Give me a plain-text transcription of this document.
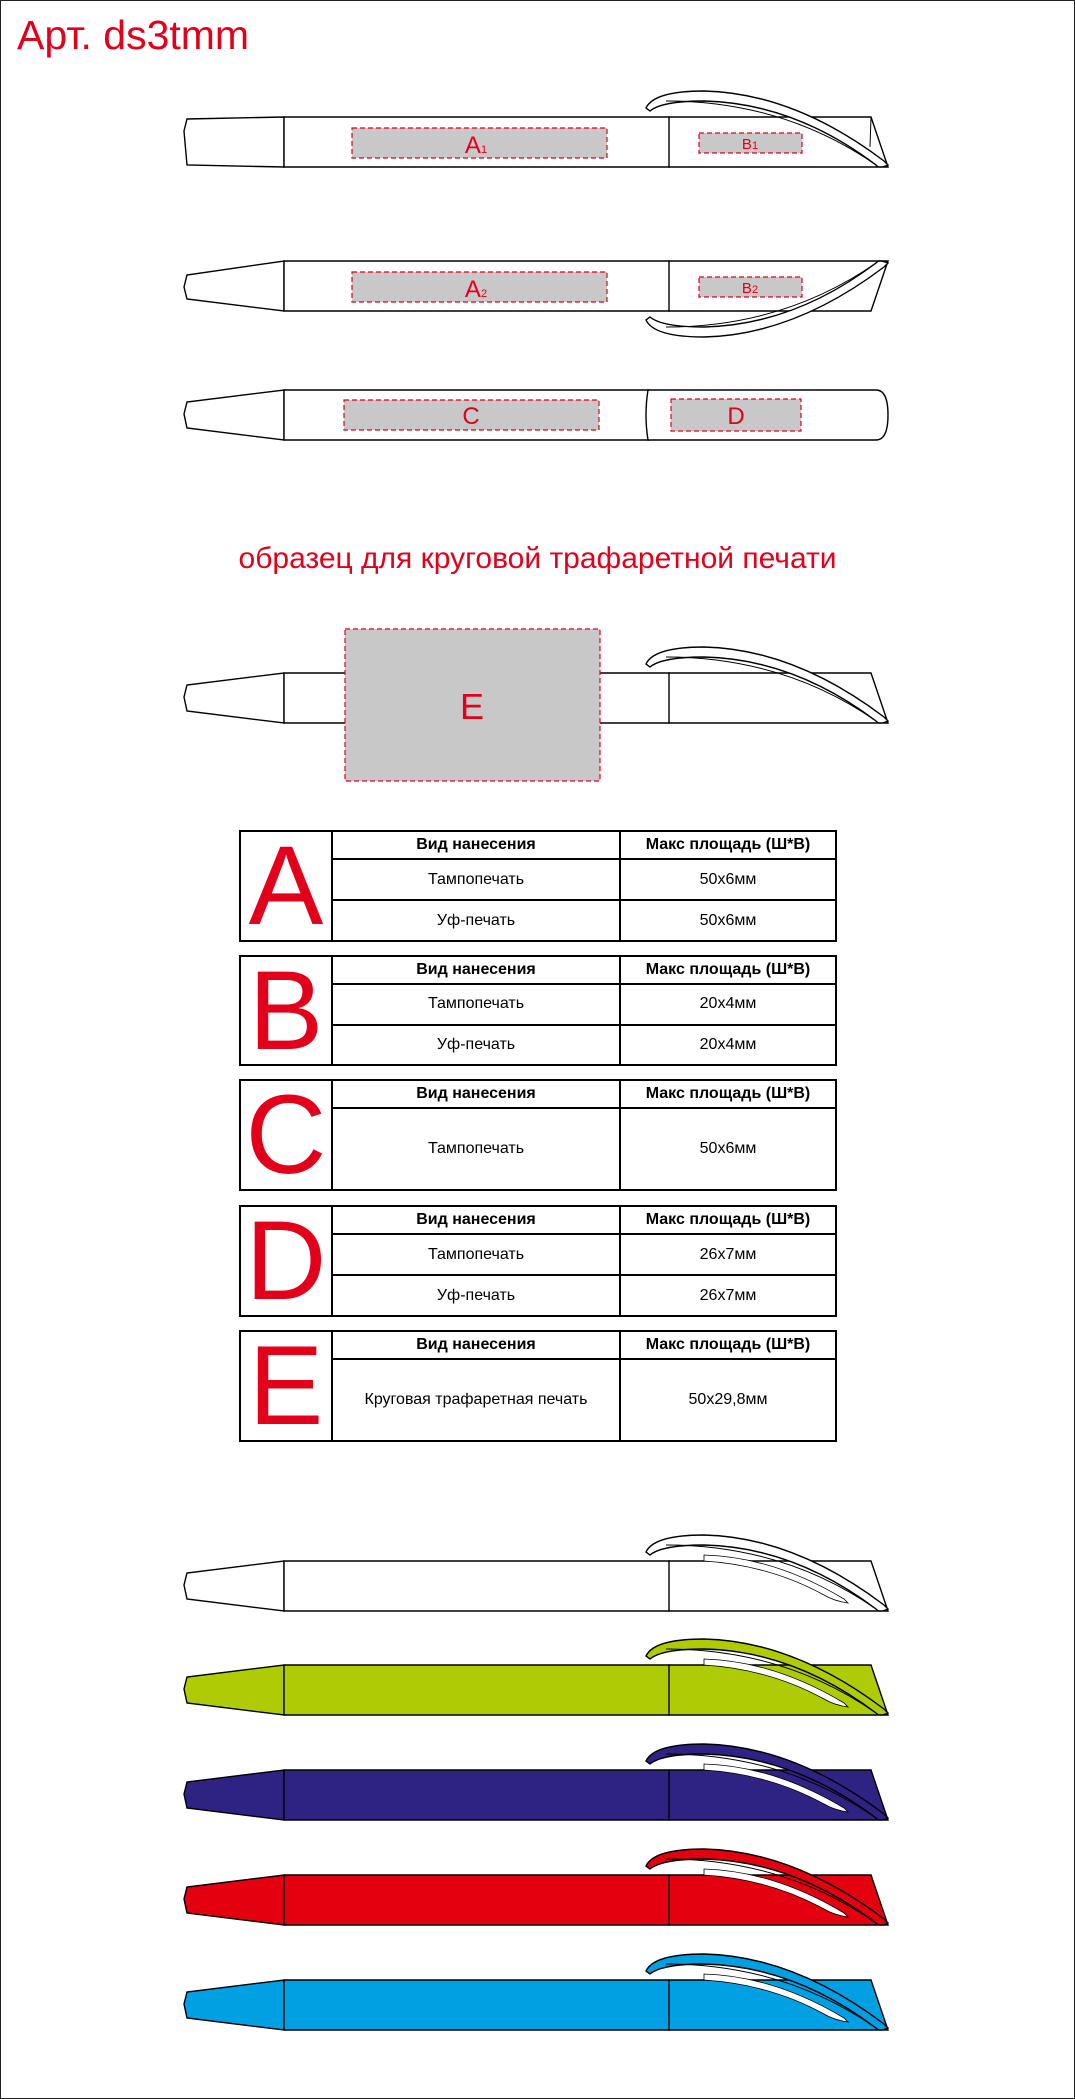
Арт. ds3tmm
A1	B1
A2	B2
C	D
образец для круговой трафаретной печати
E
A	Вид нанесения	Макс площадь (Ш*В)
Тампопечать	50х6мм
Уф-печать	50х6мм
B	Вид нанесения	Макс площадь (Ш*В)
Тампопечать	20х4мм
Уф-печать	20х4мм
C	Вид нанесения	Макс площадь (Ш*В)
Тампопечать	50х6мм
D	Вид нанесения	Макс площадь (Ш*В)
Тампопечать	26х7мм
Уф-печать	26х7мм
E	Вид нанесения	Макс площадь (Ш*В)
Круговая трафаретная печать	50х29,8мм
